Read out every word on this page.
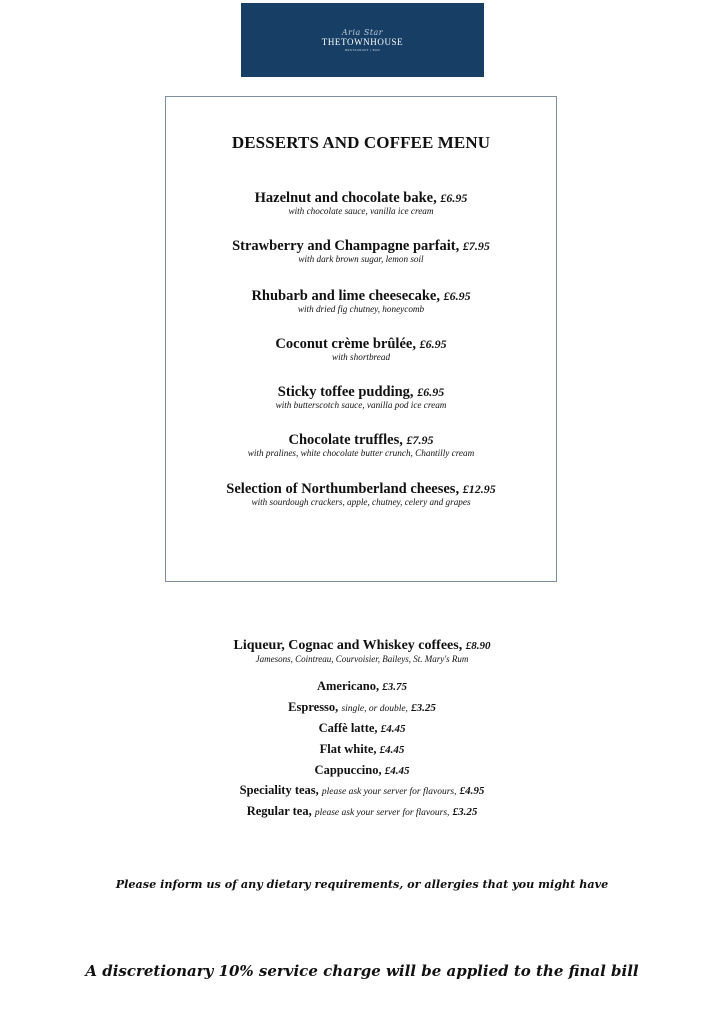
Aria Star
THETOWNHOUSE
RESTAURANT | BAR
DESSERTS AND COFFEE MENU
Hazelnut and chocolate bake, £6.95
with chocolate sauce, vanilla ice cream
Strawberry and Champagne parfait, £7.95
with dark brown sugar, lemon soil
Rhubarb and lime cheesecake, £6.95
with dried fig chutney, honeycomb
Coconut crème brûlée, £6.95
with shortbread
Sticky toffee pudding, £6.95
with butterscotch sauce, vanilla pod ice cream
Chocolate truffles, £7.95
with pralines, white chocolate butter crunch, Chantilly cream
Selection of Northumberland cheeses, £12.95
with sourdough crackers, apple, chutney, celery and grapes
Liqueur, Cognac and Whiskey coffees, £8.90
Jamesons, Cointreau, Courvoisier, Baileys, St. Mary's Rum
Americano, £3.75
Espresso, single, or double, £3.25
Caffè latte, £4.45
Flat white, £4.45
Cappuccino, £4.45
Speciality teas, please ask your server for flavours, £4.95
Regular tea, please ask your server for flavours, £3.25
Please inform us of any dietary requirements, or allergies that you might have
A discretionary 10% service charge will be applied to the final bill
